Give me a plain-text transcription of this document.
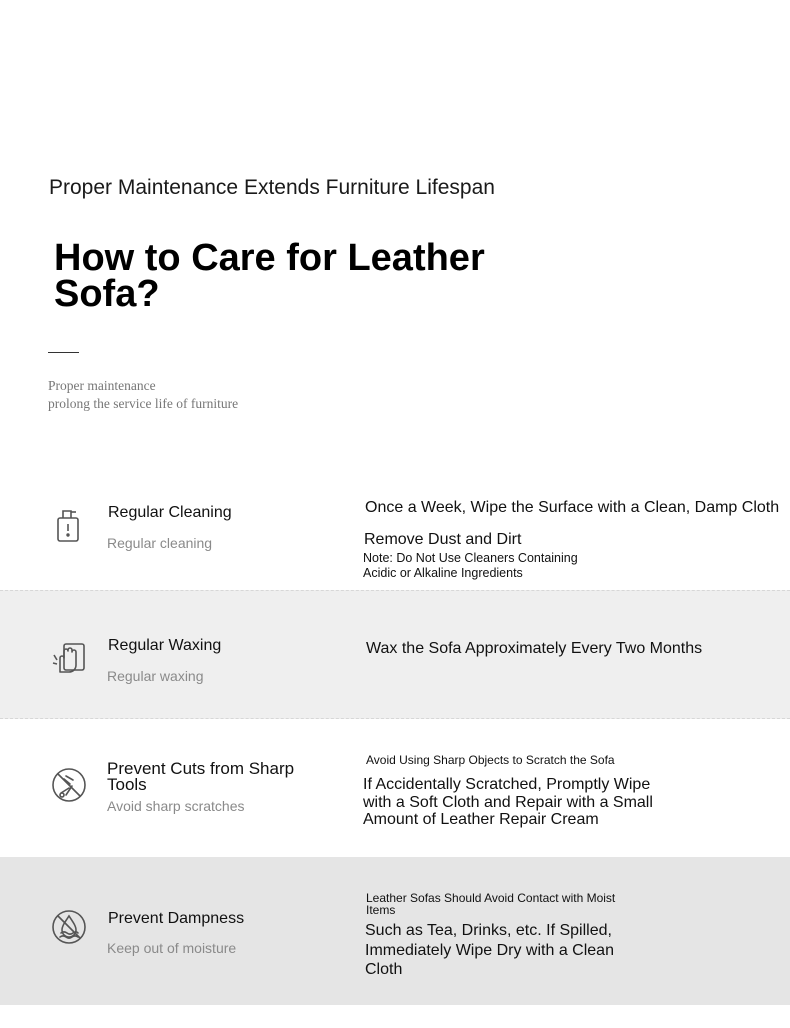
Proper Maintenance Extends Furniture Lifespan
How to Care for Leather Sofa?
Proper maintenance
prolong the service life of furniture
Regular Cleaning
Regular cleaning
Once a Week, Wipe the Surface with a Clean, Damp Cloth
Remove Dust and Dirt
Note: Do Not Use Cleaners Containing
Acidic or Alkaline Ingredients
Regular Waxing
Regular waxing
Wax the Sofa Approximately Every Two Months
Prevent Cuts from Sharp Tools
Avoid sharp scratches
Avoid Using Sharp Objects to Scratch the Sofa
If Accidentally Scratched, Promptly Wipe with a Soft Cloth and Repair with a Small Amount of Leather Repair Cream
Prevent Dampness
Keep out of moisture
Leather Sofas Should Avoid Contact with Moist Items
Such as Tea, Drinks, etc. If Spilled, Immediately Wipe Dry with a Clean Cloth
